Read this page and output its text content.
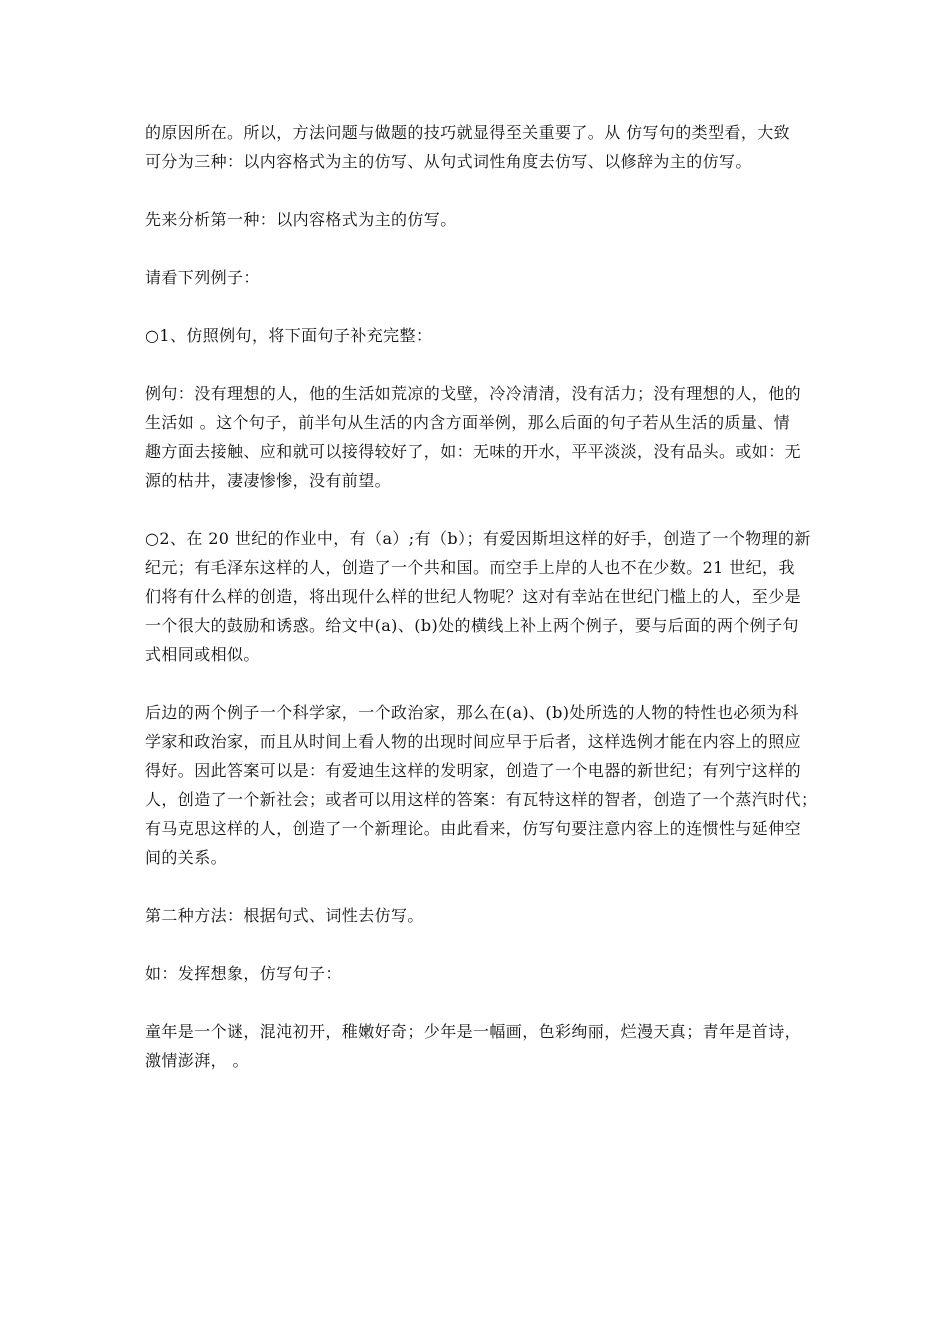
的原因所在。所以，方法问题与做题的技巧就显得至关重要了。从 仿写句的类型看，大致
可分为三种：以内容格式为主的仿写、从句式词性角度去仿写、以修辞为主的仿写。
先来分析第一种：以内容格式为主的仿写。
请看下列例子：
○1、仿照例句，将下面句子补充完整：
例句：没有理想的人，他的生活如荒凉的戈壁，冷冷清清，没有活力；没有理想的人，他的
生活如 。这个句子，前半句从生活的内含方面举例，那么后面的句子若从生活的质量、情
趣方面去接触、应和就可以接得较好了，如：无味的开水，平平淡淡，没有品头。或如：无
源的枯井，凄凄惨惨，没有前望。
○2、在 20 世纪的作业中，有（a）;有（b）；有爱因斯坦这样的好手，创造了一个物理的新
纪元；有毛泽东这样的人，创造了一个共和国。而空手上岸的人也不在少数。21 世纪，我
们将有什么样的创造，将出现什么样的世纪人物呢？这对有幸站在世纪门槛上的人，至少是
一个很大的鼓励和诱惑。给文中(a)、(b)处的横线上补上两个例子，要与后面的两个例子句
式相同或相似。
后边的两个例子一个科学家，一个政治家，那么在(a)、(b)处所选的人物的特性也必须为科
学家和政治家，而且从时间上看人物的出现时间应早于后者，这样选例才能在内容上的照应
得好。因此答案可以是：有爱迪生这样的发明家，创造了一个电器的新世纪；有列宁这样的
人，创造了一个新社会；或者可以用这样的答案：有瓦特这样的智者，创造了一个蒸汽时代；
有马克思这样的人，创造了一个新理论。由此看来，仿写句要注意内容上的连惯性与延伸空
间的关系。
第二种方法：根据句式、词性去仿写。
如：发挥想象，仿写句子：
童年是一个谜，混沌初开，稚嫩好奇；少年是一幅画，色彩绚丽，烂漫天真；青年是首诗，
激情澎湃， 。
